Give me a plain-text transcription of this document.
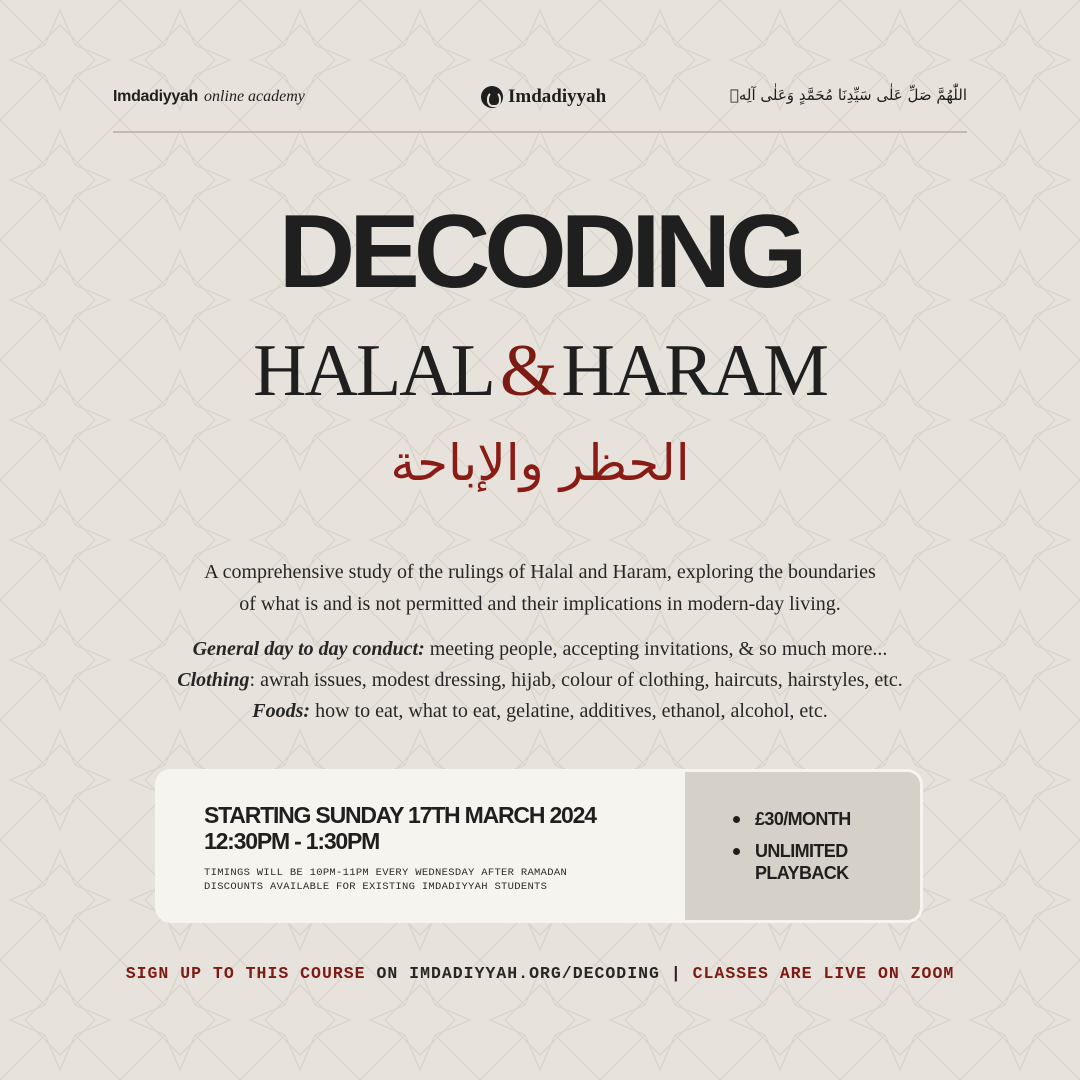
Imdadiyyah online academy	Imdadiyyah	اللّٰهُمَّ صَلِّ عَلٰى سَيِّدِنَا مُحَمَّدٍ وَعَلٰى آلِهٖ
DECODING
HALAL&HARAM
الحظر والإباحة
A comprehensive study of the rulings of Halal and Haram, exploring the boundaries
of what is and is not permitted and their implications in modern-day living.
General day to day conduct: meeting people, accepting invitations, & so much more...
Clothing: awrah issues, modest dressing, hijab, colour of clothing, haircuts, hairstyles, etc.
Foods: how to eat, what to eat, gelatine, additives, ethanol, alcohol, etc.
STARTING SUNDAY 17TH MARCH 2024
12:30PM - 1:30PM
TIMINGS WILL BE 10PM-11PM EVERY WEDNESDAY AFTER RAMADAN
DISCOUNTS AVAILABLE FOR EXISTING IMDADIYYAH STUDENTS
£30/MONTH
UNLIMITED PLAYBACK
SIGN UP TO THIS COURSE ON IMDADIYYAH.ORG/DECODING | CLASSES ARE LIVE ON ZOOM
